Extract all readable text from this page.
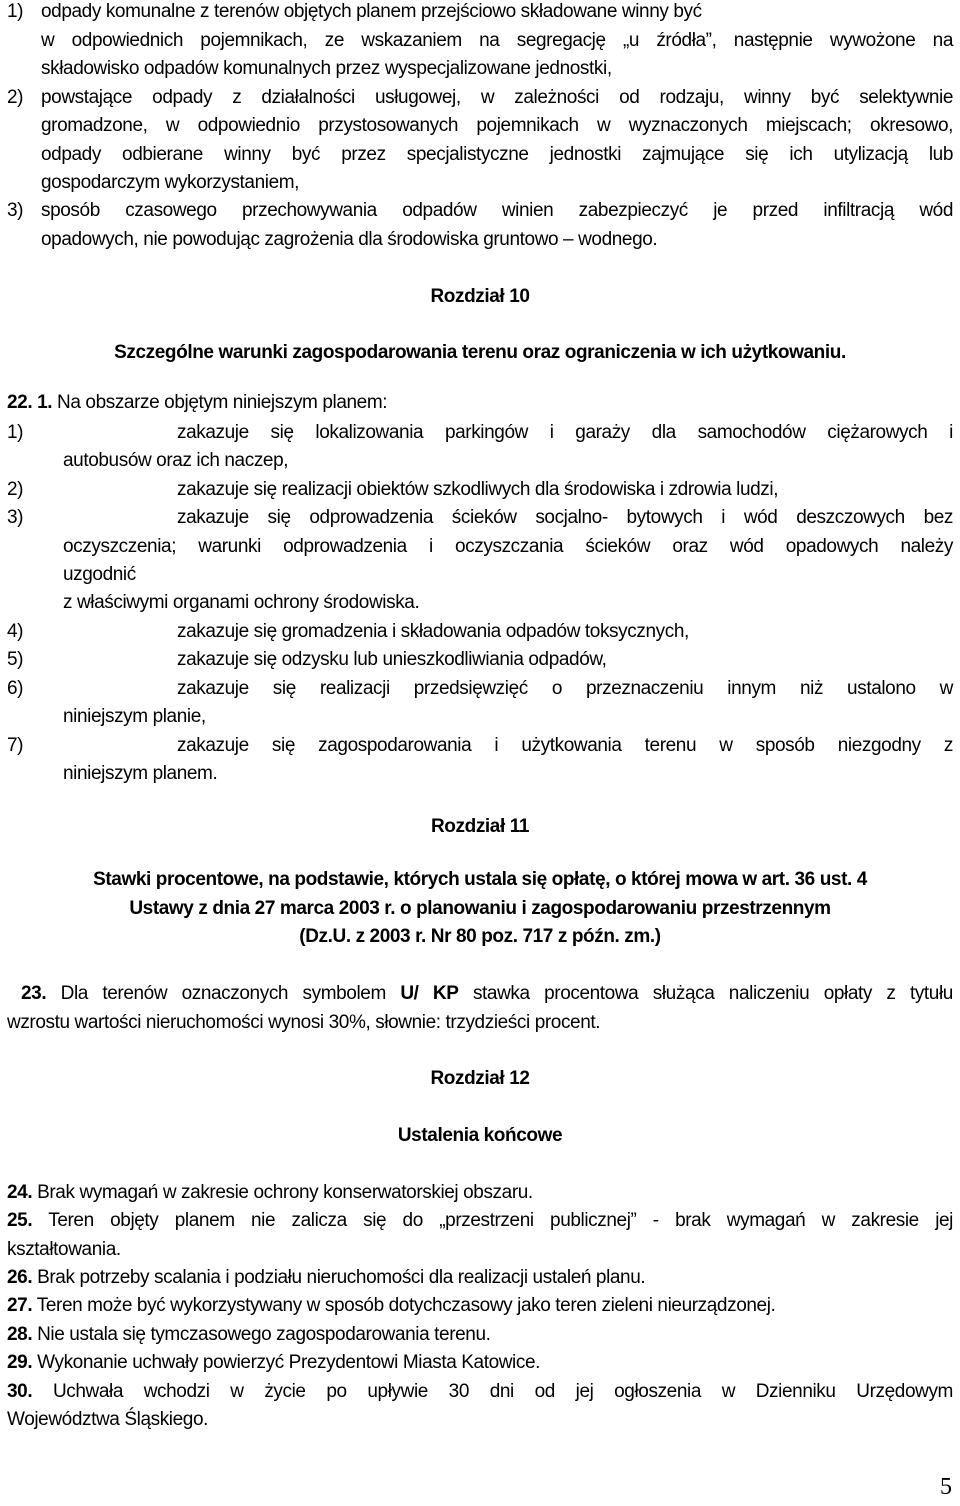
1) odpady komunalne z terenów objętych planem przejściowo składowane winny być
w odpowiednich pojemnikach, ze wskazaniem na segregację „u źródła”, następnie wywożone na
składowisko odpadów komunalnych przez wyspecjalizowane jednostki,
2) powstające odpady z działalności usługowej, w zależności od rodzaju, winny być selektywnie
gromadzone, w odpowiednio przystosowanych pojemnikach w wyznaczonych miejscach; okresowo,
odpady odbierane winny być przez specjalistyczne jednostki zajmujące się ich utylizacją lub
gospodarczym wykorzystaniem,
3) sposób czasowego przechowywania odpadów winien zabezpieczyć je przed infiltracją wód
opadowych, nie powodując zagrożenia dla środowiska gruntowo – wodnego.
Rozdział 10
Szczególne warunki zagospodarowania terenu oraz ograniczenia w ich użytkowaniu.
22. 1. Na obszarze objętym niniejszym planem:
1)	zakazuje się lokalizowania parkingów i garaży dla samochodów ciężarowych i
autobusów oraz ich naczep,
2)	zakazuje się realizacji obiektów szkodliwych dla środowiska i zdrowia ludzi,
3)	zakazuje się odprowadzenia ścieków socjalno- bytowych i wód deszczowych bez
oczyszczenia; warunki odprowadzenia i oczyszczania ścieków oraz wód opadowych należy
uzgodnić
z właściwymi organami ochrony środowiska.
4)	zakazuje się gromadzenia i składowania odpadów toksycznych,
5)	zakazuje się odzysku lub unieszkodliwiania odpadów,
6)	zakazuje się realizacji przedsięwzięć o przeznaczeniu innym niż ustalono w
niniejszym planie,
7)	zakazuje się zagospodarowania i użytkowania terenu w sposób niezgodny z
niniejszym planem.
Rozdział 11
Stawki procentowe, na podstawie, których ustala się opłatę, o której mowa w art. 36 ust. 4
Ustawy z dnia 27 marca 2003 r. o planowaniu i zagospodarowaniu przestrzennym
(Dz.U. z 2003 r. Nr 80 poz. 717 z późn. zm.)
23. Dla terenów oznaczonych symbolem U/ KP stawka procentowa służąca naliczeniu opłaty z tytułu
wzrostu wartości nieruchomości wynosi 30%, słownie: trzydzieści procent.
Rozdział 12
Ustalenia końcowe
24. Brak wymagań w zakresie ochrony konserwatorskiej obszaru.
25. Teren objęty planem nie zalicza się do „przestrzeni publicznej” - brak wymagań w zakresie jej
kształtowania.
26. Brak potrzeby scalania i podziału nieruchomości dla realizacji ustaleń planu.
27. Teren może być wykorzystywany w sposób dotychczasowy jako teren zieleni nieurządzonej.
28. Nie ustala się tymczasowego zagospodarowania terenu.
29. Wykonanie uchwały powierzyć Prezydentowi Miasta Katowice.
30. Uchwała wchodzi w życie po upływie 30 dni od jej ogłoszenia w Dzienniku Urzędowym
Województwa Śląskiego.
5
